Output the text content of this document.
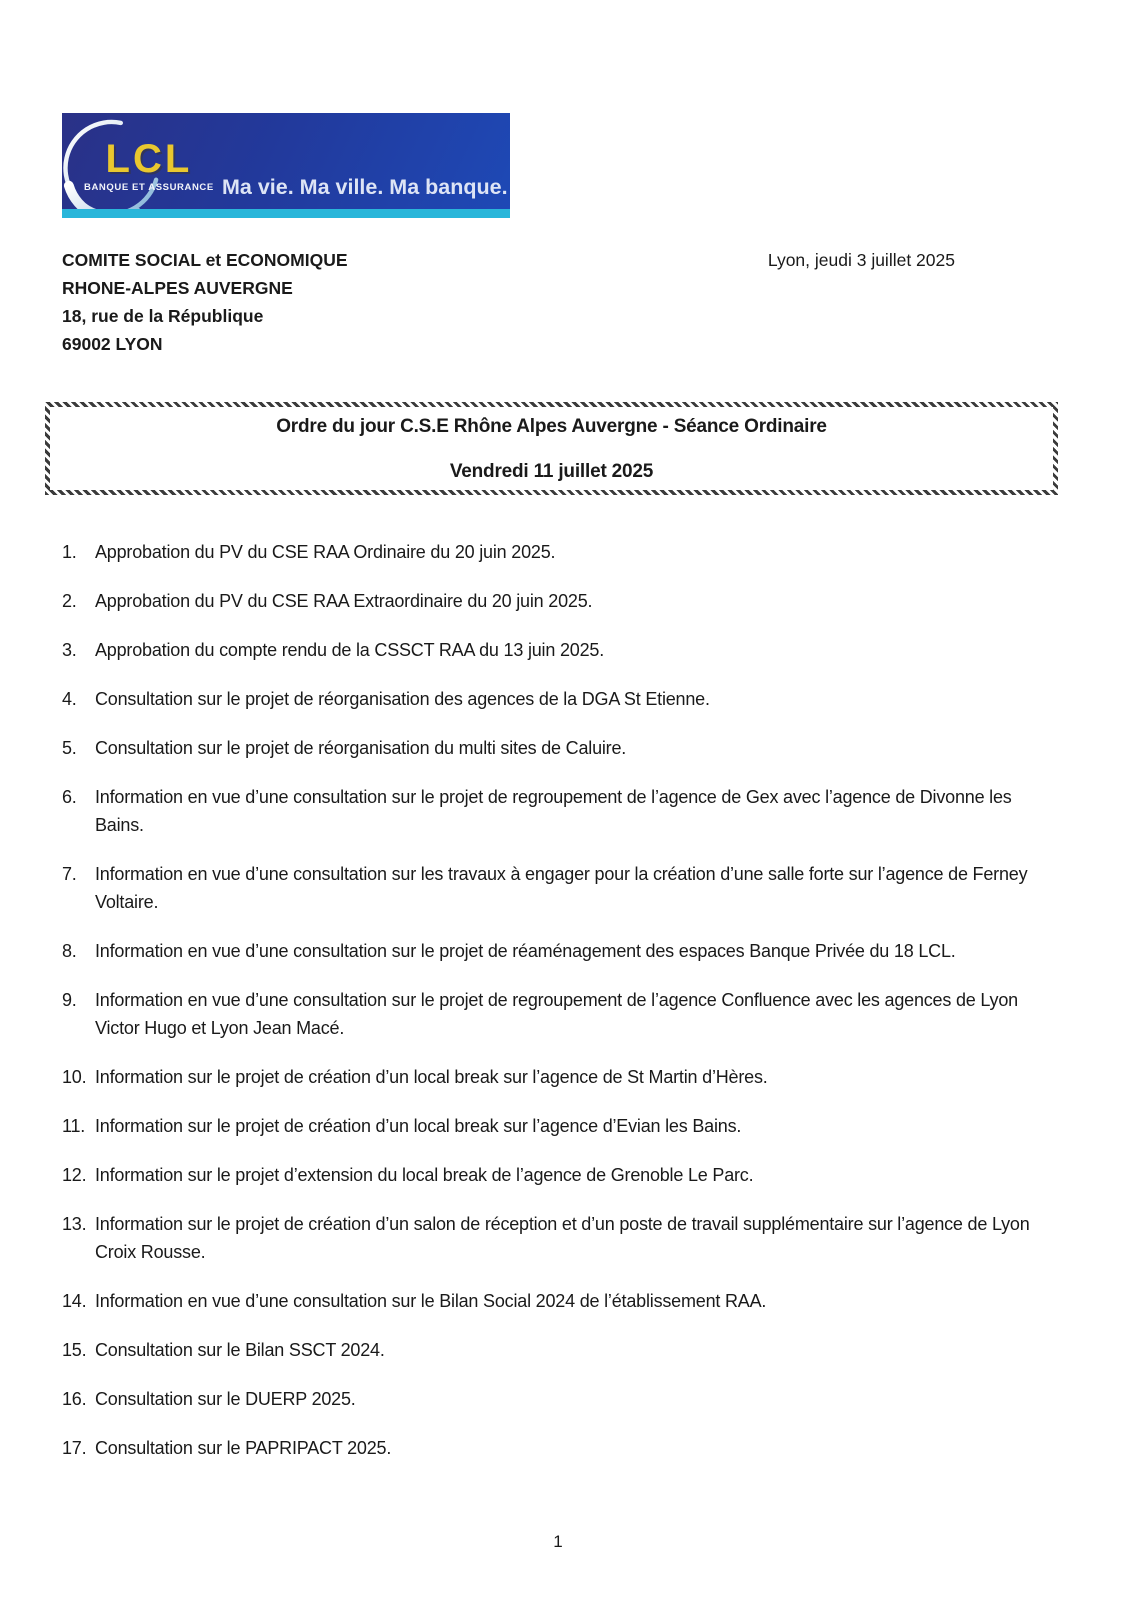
LCL
BANQUE ET ASSURANCE Ma vie. Ma ville. Ma banque.
COMITE SOCIAL et ECONOMIQUE
RHONE-ALPES AUVERGNE
18, rue de la République
69002 LYON
Lyon, jeudi 3 juillet 2025
Ordre du jour C.S.E Rhône Alpes Auvergne - Séance Ordinaire
Vendredi 11 juillet 2025
1.	Approbation du PV du CSE RAA Ordinaire du 20 juin 2025.
2.	Approbation du PV du CSE RAA Extraordinaire du 20 juin 2025.
3.	Approbation du compte rendu de la CSSCT RAA du 13 juin 2025.
4.	Consultation sur le projet de réorganisation des agences de la DGA St Etienne.
5.	Consultation sur le projet de réorganisation du multi sites de Caluire.
6.	Information en vue d’une consultation sur le projet de regroupement de l’agence de Gex avec l’agence de Divonne les Bains.
7.	Information en vue d’une consultation sur les travaux à engager pour la création d’une salle forte sur l’agence de Ferney Voltaire.
8.	Information en vue d’une consultation sur le projet de réaménagement des espaces Banque Privée du 18 LCL.
9.	Information en vue d’une consultation sur le projet de regroupement de l’agence Confluence avec les agences de Lyon Victor Hugo et Lyon Jean Macé.
10. Information sur le projet de création d’un local break sur l’agence de St Martin d’Hères.
11. Information sur le projet de création d’un local break sur l’agence d’Evian les Bains.
12. Information sur le projet d’extension du local break de l’agence de Grenoble Le Parc.
13. Information sur le projet de création d’un salon de réception et d’un poste de travail supplémentaire sur l’agence de Lyon Croix Rousse.
14. Information en vue d’une consultation sur le Bilan Social 2024 de l’établissement RAA.
15. Consultation sur le Bilan SSCT 2024.
16. Consultation sur le DUERP 2025.
17. Consultation sur le PAPRIPACT 2025.
1
